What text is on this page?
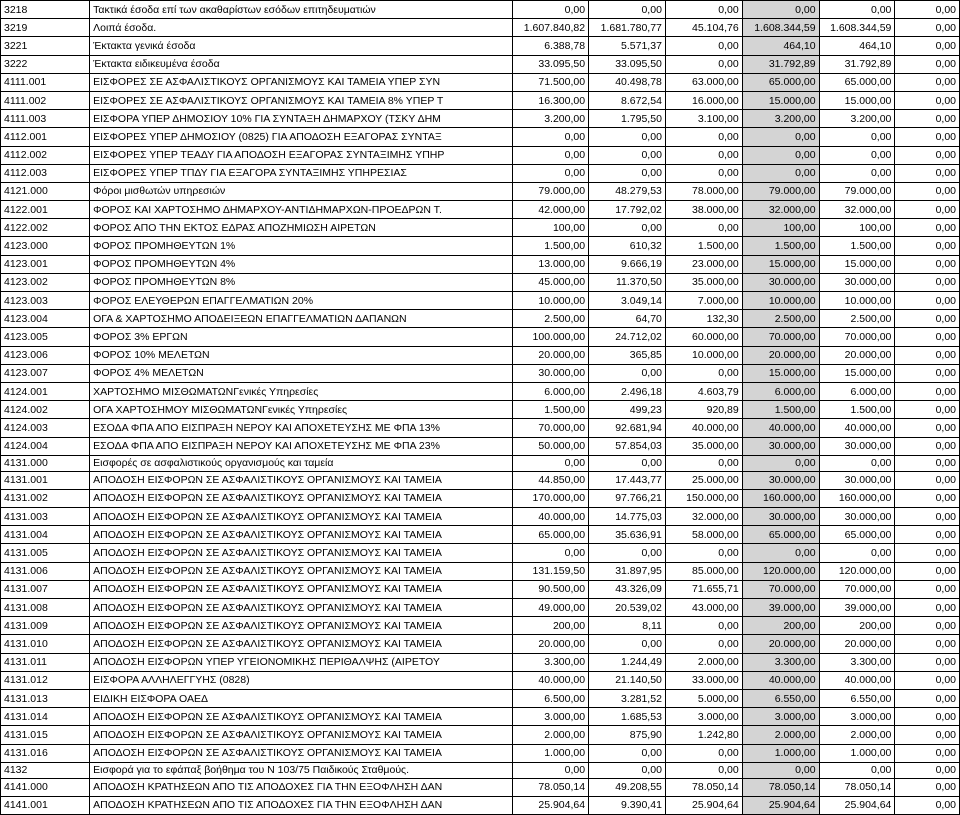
3218	Τακτικά έσοδα επί των ακαθαρίστων εσόδων επιτηδευματιών	0,00	0,00	0,00	0,00	0,00	0,00
3219	Λοιπά έσοδα.	1.607.840,82	1.681.780,77	45.104,76	1.608.344,59	1.608.344,59	0,00
3221	Έκτακτα γενικά έσοδα	6.388,78	5.571,37	0,00	464,10	464,10	0,00
3222	Έκτακτα ειδικευμένα έσοδα	33.095,50	33.095,50	0,00	31.792,89	31.792,89	0,00
4111.001	ΕΙΣΦΟΡΕΣ ΣΕ ΑΣΦΑΛΙΣΤΙΚΟΥΣ ΟΡΓΑΝΙΣΜΟΥΣ ΚΑΙ ΤΑΜΕΙΑ ΥΠΕΡ ΣΥΝ	71.500,00	40.498,78	63.000,00	65.000,00	65.000,00	0,00
4111.002	ΕΙΣΦΟΡΕΣ ΣΕ ΑΣΦΑΛΙΣΤΙΚΟΥΣ ΟΡΓΑΝΙΣΜΟΥΣ ΚΑΙ ΤΑΜΕΙΑ 8% ΥΠΕΡ Τ	16.300,00	8.672,54	16.000,00	15.000,00	15.000,00	0,00
4111.003	ΕΙΣΦΟΡΑ ΥΠΕΡ ΔΗΜΟΣΙΟΥ 10% ΓΙΑ ΣΥΝΤΑΞΗ ΔΗΜΑΡΧΟΥ (ΤΣΚΥ ΔΗΜ	3.200,00	1.795,50	3.100,00	3.200,00	3.200,00	0,00
4112.001	ΕΙΣΦΟΡΕΣ ΥΠΕΡ ΔΗΜΟΣΙΟΥ (0825) ΓΙΑ ΑΠΟΔΟΣΗ ΕΞΑΓΟΡΑΣ ΣΥΝΤΑΞ	0,00	0,00	0,00	0,00	0,00	0,00
4112.002	ΕΙΣΦΟΡΕΣ ΥΠΕΡ ΤΕΑΔΥ ΓΙΑ ΑΠΟΔΟΣΗ ΕΞΑΓΟΡΑΣ ΣΥΝΤΑΞΙΜΗΣ ΥΠΗΡ	0,00	0,00	0,00	0,00	0,00	0,00
4112.003	ΕΙΣΦΟΡΕΣ ΥΠΕΡ ΤΠΔΥ ΓΙΑ ΕΞΑΓΟΡΑ ΣΥΝΤΑΞΙΜΗΣ ΥΠΗΡΕΣΙΑΣ	0,00	0,00	0,00	0,00	0,00	0,00
4121.000	Φόροι μισθωτών υπηρεσιών	79.000,00	48.279,53	78.000,00	79.000,00	79.000,00	0,00
4122.001	ΦΟΡΟΣ ΚΑΙ ΧΑΡΤΟΣΗΜΟ ΔΗΜΑΡΧΟΥ-ΑΝΤΙΔΗΜΑΡΧΩΝ-ΠΡΟΕΔΡΩΝ Τ.	42.000,00	17.792,02	38.000,00	32.000,00	32.000,00	0,00
4122.002	ΦΟΡΟΣ ΑΠΟ ΤΗΝ ΕΚΤΟΣ ΕΔΡΑΣ ΑΠΟΖΗΜΙΩΣΗ ΑΙΡΕΤΩΝ	100,00	0,00	0,00	100,00	100,00	0,00
4123.000	ΦΟΡΟΣ ΠΡΟΜΗΘΕΥΤΩΝ 1%	1.500,00	610,32	1.500,00	1.500,00	1.500,00	0,00
4123.001	ΦΟΡΟΣ ΠΡΟΜΗΘΕΥΤΩΝ 4%	13.000,00	9.666,19	23.000,00	15.000,00	15.000,00	0,00
4123.002	ΦΟΡΟΣ ΠΡΟΜΗΘΕΥΤΩΝ 8%	45.000,00	11.370,50	35.000,00	30.000,00	30.000,00	0,00
4123.003	ΦΟΡΟΣ ΕΛΕΥΘΕΡΩΝ ΕΠΑΓΓΕΛΜΑΤΙΩΝ 20%	10.000,00	3.049,14	7.000,00	10.000,00	10.000,00	0,00
4123.004	ΟΓΑ & ΧΑΡΤΟΣΗΜΟ ΑΠΟΔΕΙΞΕΩΝ ΕΠΑΓΓΕΛΜΑΤΙΩΝ ΔΑΠΑΝΩΝ	2.500,00	64,70	132,30	2.500,00	2.500,00	0,00
4123.005	ΦΟΡΟΣ 3% ΕΡΓΩΝ	100.000,00	24.712,02	60.000,00	70.000,00	70.000,00	0,00
4123.006	ΦΟΡΟΣ 10% ΜΕΛΕΤΩΝ	20.000,00	365,85	10.000,00	20.000,00	20.000,00	0,00
4123.007	ΦΟΡΟΣ 4% ΜΕΛΕΤΩΝ	30.000,00	0,00	0,00	15.000,00	15.000,00	0,00
4124.001	ΧΑΡΤΟΣΗΜΟ ΜΙΣΘΩΜΑΤΩΝΓενικές Υπηρεσίες	6.000,00	2.496,18	4.603,79	6.000,00	6.000,00	0,00
4124.002	ΟΓΑ ΧΑΡΤΟΣΗΜΟΥ ΜΙΣΘΩΜΑΤΩΝΓενικές Υπηρεσίες	1.500,00	499,23	920,89	1.500,00	1.500,00	0,00
4124.003	ΕΣΟΔΑ ΦΠΑ ΑΠΟ ΕΙΣΠΡΑΞΗ ΝΕΡΟΥ ΚΑΙ ΑΠΟΧΕΤΕΥΣΗΣ ΜΕ ΦΠΑ 13%	70.000,00	92.681,94	40.000,00	40.000,00	40.000,00	0,00
4124.004	ΕΣΟΔΑ ΦΠΑ ΑΠΟ ΕΙΣΠΡΑΞΗ ΝΕΡΟΥ ΚΑΙ ΑΠΟΧΕΤΕΥΣΗΣ ΜΕ ΦΠΑ 23%	50.000,00	57.854,03	35.000,00	30.000,00	30.000,00	0,00
4131.000	Εισφορές σε ασφαλιστικούς οργανισμούς και ταμεία	0,00	0,00	0,00	0,00	0,00	0,00
4131.001	ΑΠΟΔΟΣΗ ΕΙΣΦΟΡΩΝ ΣΕ ΑΣΦΑΛΙΣΤΙΚΟΥΣ ΟΡΓΑΝΙΣΜΟΥΣ ΚΑΙ ΤΑΜΕΙΑ	44.850,00	17.443,77	25.000,00	30.000,00	30.000,00	0,00
4131.002	ΑΠΟΔΟΣΗ ΕΙΣΦΟΡΩΝ ΣΕ ΑΣΦΑΛΙΣΤΙΚΟΥΣ ΟΡΓΑΝΙΣΜΟΥΣ ΚΑΙ ΤΑΜΕΙΑ	170.000,00	97.766,21	150.000,00	160.000,00	160.000,00	0,00
4131.003	ΑΠΟΔΟΣΗ ΕΙΣΦΟΡΩΝ ΣΕ ΑΣΦΑΛΙΣΤΙΚΟΥΣ ΟΡΓΑΝΙΣΜΟΥΣ ΚΑΙ ΤΑΜΕΙΑ	40.000,00	14.775,03	32.000,00	30.000,00	30.000,00	0,00
4131.004	ΑΠΟΔΟΣΗ ΕΙΣΦΟΡΩΝ ΣΕ ΑΣΦΑΛΙΣΤΙΚΟΥΣ ΟΡΓΑΝΙΣΜΟΥΣ ΚΑΙ ΤΑΜΕΙΑ	65.000,00	35.636,91	58.000,00	65.000,00	65.000,00	0,00
4131.005	ΑΠΟΔΟΣΗ ΕΙΣΦΟΡΩΝ ΣΕ ΑΣΦΑΛΙΣΤΙΚΟΥΣ ΟΡΓΑΝΙΣΜΟΥΣ ΚΑΙ ΤΑΜΕΙΑ	0,00	0,00	0,00	0,00	0,00	0,00
4131.006	ΑΠΟΔΟΣΗ ΕΙΣΦΟΡΩΝ ΣΕ ΑΣΦΑΛΙΣΤΙΚΟΥΣ ΟΡΓΑΝΙΣΜΟΥΣ ΚΑΙ ΤΑΜΕΙΑ	131.159,50	31.897,95	85.000,00	120.000,00	120.000,00	0,00
4131.007	ΑΠΟΔΟΣΗ ΕΙΣΦΟΡΩΝ ΣΕ ΑΣΦΑΛΙΣΤΙΚΟΥΣ ΟΡΓΑΝΙΣΜΟΥΣ ΚΑΙ ΤΑΜΕΙΑ	90.500,00	43.326,09	71.655,71	70.000,00	70.000,00	0,00
4131.008	ΑΠΟΔΟΣΗ ΕΙΣΦΟΡΩΝ ΣΕ ΑΣΦΑΛΙΣΤΙΚΟΥΣ ΟΡΓΑΝΙΣΜΟΥΣ ΚΑΙ ΤΑΜΕΙΑ	49.000,00	20.539,02	43.000,00	39.000,00	39.000,00	0,00
4131.009	ΑΠΟΔΟΣΗ ΕΙΣΦΟΡΩΝ ΣΕ ΑΣΦΑΛΙΣΤΙΚΟΥΣ ΟΡΓΑΝΙΣΜΟΥΣ ΚΑΙ ΤΑΜΕΙΑ	200,00	8,11	0,00	200,00	200,00	0,00
4131.010	ΑΠΟΔΟΣΗ ΕΙΣΦΟΡΩΝ ΣΕ ΑΣΦΑΛΙΣΤΙΚΟΥΣ ΟΡΓΑΝΙΣΜΟΥΣ ΚΑΙ ΤΑΜΕΙΑ	20.000,00	0,00	0,00	20.000,00	20.000,00	0,00
4131.011	ΑΠΟΔΟΣΗ ΕΙΣΦΟΡΩΝ ΥΠΕΡ ΥΓΕΙΟΝΟΜΙΚΗΣ ΠΕΡΙΘΑΛΨΗΣ (ΑΙΡΕΤΟΥ	3.300,00	1.244,49	2.000,00	3.300,00	3.300,00	0,00
4131.012	ΕΙΣΦΟΡΑ ΑΛΛΗΛΕΓΓΥΗΣ (0828)	40.000,00	21.140,50	33.000,00	40.000,00	40.000,00	0,00
4131.013	ΕΙΔΙΚΗ ΕΙΣΦΟΡΑ ΟΑΕΔ	6.500,00	3.281,52	5.000,00	6.550,00	6.550,00	0,00
4131.014	ΑΠΟΔΟΣΗ ΕΙΣΦΟΡΩΝ ΣΕ ΑΣΦΑΛΙΣΤΙΚΟΥΣ ΟΡΓΑΝΙΣΜΟΥΣ ΚΑΙ ΤΑΜΕΙΑ	3.000,00	1.685,53	3.000,00	3.000,00	3.000,00	0,00
4131.015	ΑΠΟΔΟΣΗ ΕΙΣΦΟΡΩΝ ΣΕ ΑΣΦΑΛΙΣΤΙΚΟΥΣ ΟΡΓΑΝΙΣΜΟΥΣ ΚΑΙ ΤΑΜΕΙΑ	2.000,00	875,90	1.242,80	2.000,00	2.000,00	0,00
4131.016	ΑΠΟΔΟΣΗ ΕΙΣΦΟΡΩΝ ΣΕ ΑΣΦΑΛΙΣΤΙΚΟΥΣ ΟΡΓΑΝΙΣΜΟΥΣ ΚΑΙ ΤΑΜΕΙΑ	1.000,00	0,00	0,00	1.000,00	1.000,00	0,00
4132	Εισφορά για το εφάπαξ βοήθημα του Ν 103/75 Παιδικούς Σταθμούς.	0,00	0,00	0,00	0,00	0,00	0,00
4141.000	ΑΠΟΔΟΣΗ ΚΡΑΤΗΣΕΩΝ ΑΠΟ ΤΙΣ ΑΠΟΔΟΧΕΣ ΓΙΑ ΤΗΝ ΕΞΟΦΛΗΣΗ ΔΑΝ	78.050,14	49.208,55	78.050,14	78.050,14	78.050,14	0,00
4141.001	ΑΠΟΔΟΣΗ ΚΡΑΤΗΣΕΩΝ ΑΠΟ ΤΙΣ ΑΠΟΔΟΧΕΣ ΓΙΑ ΤΗΝ ΕΞΟΦΛΗΣΗ ΔΑΝ	25.904,64	9.390,41	25.904,64	25.904,64	25.904,64	0,00
